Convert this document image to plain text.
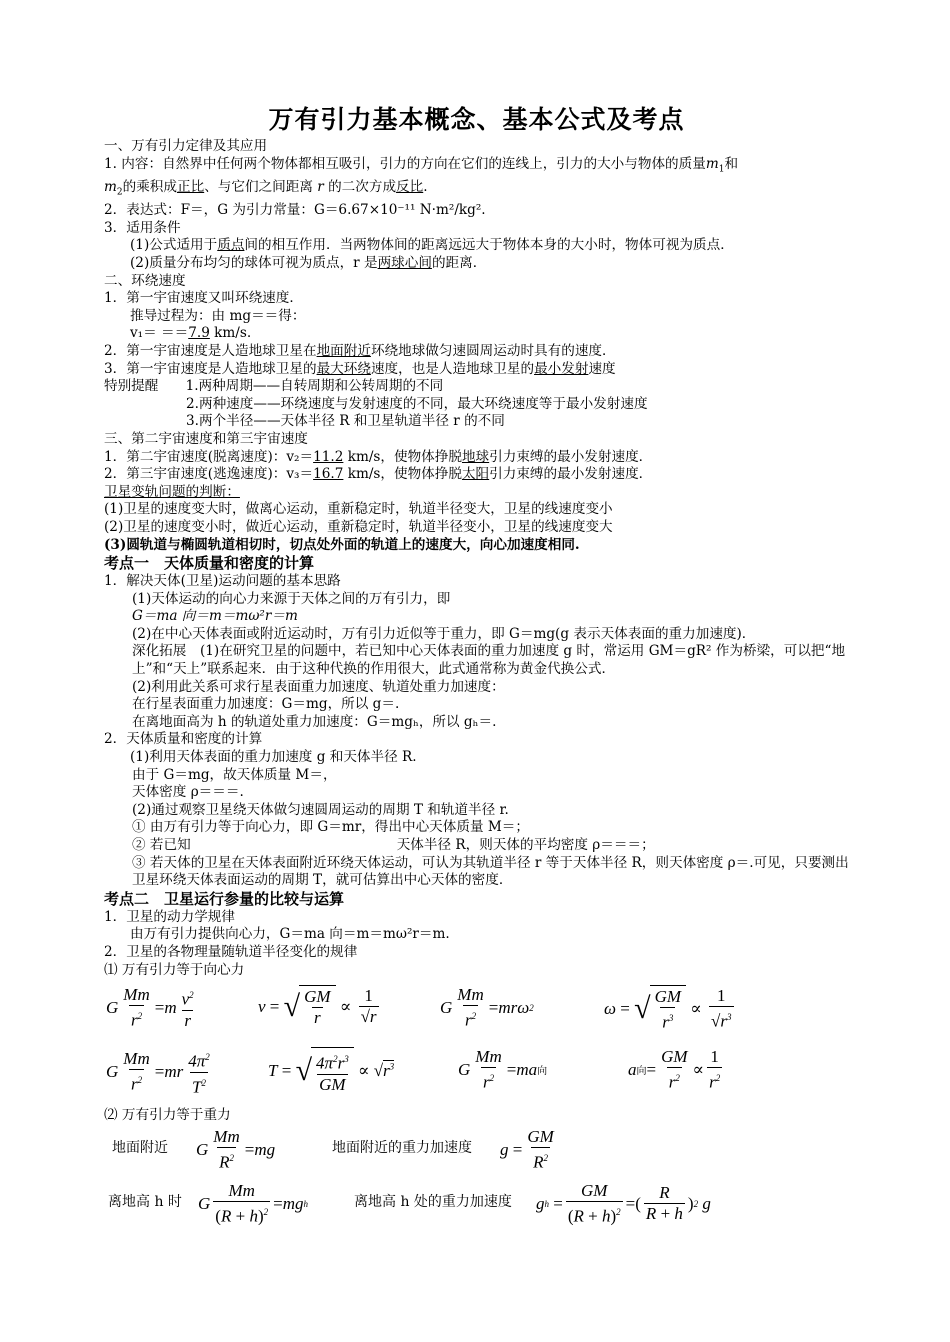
万有引力基本概念、基本公式及考点
一、万有引力定律及其应用
1. 内容：自然界中任何两个物体都相互吸引，引力的方向在它们的连线上，引力的大小与物体的质量$m_1$和
$m_2$的乘积成正比、与它们之间距离 r 的二次方成反比.
2．表达式：F＝，G 为引力常量：G＝6.67×10⁻¹¹ N·m²/kg².
3．适用条件
(1)公式适用于质点间的相互作用．当两物体间的距离远远大于物体本身的大小时，物体可视为质点．
(2)质量分布均匀的球体可视为质点，r 是两球心间的距离．
二、环绕速度
1．第一宇宙速度又叫环绕速度．
推导过程为：由 mg＝＝得：
v₁＝ ＝＝7.9 km/s.
2．第一宇宙速度是人造地球卫星在地面附近环绕地球做匀速圆周运动时具有的速度．
3．第一宇宙速度是人造地球卫星的最大环绕速度，也是人造地球卫星的最小发射速度
特别提醒　　 1.两种周期——自转周期和公转周期的不同
2.两种速度——环绕速度与发射速度的不同，最大环绕速度等于最小发射速度
3.两个半径——天体半径 R 和卫星轨道半径 r 的不同
三、第二宇宙速度和第三宇宙速度
1．第二宇宙速度(脱离速度)：v₂＝11.2 km/s，使物体挣脱地球引力束缚的最小发射速度．
2．第三宇宙速度(逃逸速度)：v₃＝16.7 km/s，使物体挣脱太阳引力束缚的最小发射速度．
卫星变轨问题的判断：
(1)卫星的速度变大时，做离心运动，重新稳定时，轨道半径变大，卫星的线速度变小
(2)卫星的速度变小时，做近心运动，重新稳定时，轨道半径变小，卫星的线速度变大
(3)圆轨道与椭圆轨道相切时，切点处外面的轨道上的速度大，向心加速度相同.
考点一　天体质量和密度的计算
1．解决天体(卫星)运动问题的基本思路
(1)天体运动的向心力来源于天体之间的万有引力，即
G＝ma 向＝m＝mω²r＝m
(2)在中心天体表面或附近运动时，万有引力近似等于重力，即 G＝mg(g 表示天体表面的重力加速度)．
深化拓展　(1)在研究卫星的问题中，若已知中心天体表面的重力加速度 g 时，常运用 GM＝gR² 作为桥梁，可以把“地上”和“天上”联系起来．由于这种代换的作用很大，此式通常称为黄金代换公式．
(2)利用此关系可求行星表面重力加速度、轨道处重力加速度：
在行星表面重力加速度：G＝mg，所以 g＝.
在离地面高为 h 的轨道处重力加速度：G＝mgₕ，所以 gₕ＝.
2．天体质量和密度的计算
(1)利用天体表面的重力加速度 g 和天体半径 R.
由于 G＝mg，故天体质量 M＝，
天体密度 ρ＝＝＝.
(2)通过观察卫星绕天体做匀速圆周运动的周期 T 和轨道半径 r.
① 由万有引力等于向心力，即 G＝mr，得出中心天体质量 M＝；
② 若已知	天体半径 R，则天体的平均密度 ρ＝＝＝；
③ 若天体的卫星在天体表面附近环绕天体运动，可认为其轨道半径 r 等于天体半径 R，则天体密度 ρ＝.可见，只要测出卫星环绕天体表面运动的周期 T，就可估算出中心天体的密度．
考点二　卫星运行参量的比较与运算
1．卫星的动力学规律
由万有引力提供向心力，G＝ma 向＝m＝mω²r＝m.
2．卫星的各物理量随轨道半径变化的规律
⑴ 万有引力等于向心力
G $\frac{Mm}{r^2} = m \frac{v^2}{r}$	v = √ $\frac{GM}{r} \propto \frac{1}{√r}$	G $\frac{Mm}{r^2} = mr\omega$ 2	ω = √ $\frac{GM}{r^3} \propto \frac{1}{√r^3}$
G $\frac{Mm}{r^2}$ = mr $\frac{4\pi^2}{T^2}$	T = √ $\frac{4\pi^2r^3}{GM}$ ∝ √ $r^3$	G $\frac{Mm}{r^2}$ = ma 向	a 向 = $\frac{GM}{r^2} \propto \frac{1}{r^2}$
⑵ 万有引力等于重力
地面附近 G $\frac{Mm}{R^2}$ = mg	地面附近的重力加速度 $g = \frac{GM}{R^2}$
离地高 h 时 G $\frac{Mm}{(R + h)^2}$ = mg h	离地高 h 处的重力加速度 g $h = \frac{GM}{(R + h)^2}$ =( $\frac{R}{R + h}$ ) 2 g
